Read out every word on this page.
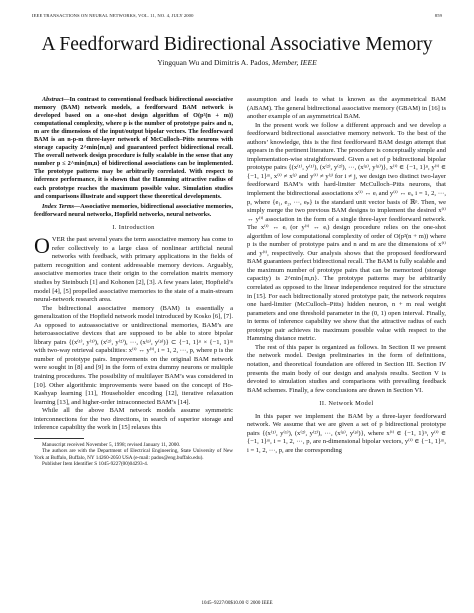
IEEE TRANSACTIONS ON NEURAL NETWORKS, VOL. 11, NO. 4, JULY 2000	859
A Feedforward Bidirectional Associative Memory
Yingquan Wu and Dimitris A. Pados, Member, IEEE

Abstract—In contrast to conventional feedback bidirectional associative memory (BAM) network models, a feedforward BAM network is developed based on a one-shot design algorithm of O(p²(n + m)) computational complexity, where p is the number of prototype pairs and n, m are the dimensions of the input/output bipolar vectors. The feedforward BAM is an n-p-m three-layer network of McCulloch–Pitts neurons with storage capacity 2^min{m,n} and guaranteed perfect bidirectional recall. The overall network design procedure is fully scalable in the sense that any number p ≤ 2^min{m,n} of bidirectional associations can be implemented. The prototype patterns may be arbitrarily correlated. With respect to inference performance, it is shown that the Hamming attractive radius of each prototype reaches the maximum possible value. Simulation studies and comparisons illustrate and support these theoretical developments.

Index Terms—Associative memories, bidirectional associative memories, feedforward neural networks, Hopfield networks, neural networks.

I. Introduction

OVER the past several years the term associative memory has come to refer collectively to a large class of nonlinear artificial neural networks with feedback, with primary applications in the fields of pattern recognition and content addressable memory devices. Arguably, associative memories trace their origin to the correlation matrix memory studies by Steinbuch [1] and Kohonen [2], [3]. A few years later, Hopfield’s model [4], [5] propelled associative memories to the state of a main-stream neural-network research area.

The bidirectional associative memory (BAM) is essentially a generalization of the Hopfield network model introduced by Kosko [6], [7]. As opposed to autoassociative or unidirectional memories, BAM’s are heteroassociative devices that are supposed to be able to store bipolar library pairs {(x⁽¹⁾, y⁽¹⁾), (x⁽²⁾, y⁽²⁾), ···, (x⁽ᵖ⁾, y⁽ᵖ⁾)} ⊂ {−1, 1}ⁿ × {−1, 1}ᵐ with two-way retrieval capabilities: x⁽ⁱ⁾ ↔ y⁽ⁱ⁾, i = 1, 2, ···, p, where p is the number of prototype pairs. Improvements on the original BAM network were sought in [8] and [9] in the form of extra dummy neurons or multiple training procedures. The possibility of multilayer BAM’s was considered in [10]. Other algorithmic improvements were based on the concept of Ho-Kashyap learning [11], Householder encoding [12], iterative relaxation learning [13], and higher-order intraconnected BAM’s [14].

While all the above BAM network models assume symmetric interconnections for the two directions, in search of superior storage and inference capability the work in [15] relaxes this

Manuscript received November 5, 1998; revised January 11, 2000.

The authors are with the Department of Electrical Engineering, State University of New York at Buffalo, Buffalo, NY 14260-2050 USA (e-mail: pados@eng.buffalo.edu).

Publisher Item Identifier S 1045-9227(00)04293-4.

assumption and leads to what is known as the asymmetrical BAM (ABAM). The general bidirectional associative memory (GBAM) in [16] is another example of an asymmetrical BAM.

In the present work we follow a different approach and we develop a feedforward bidirectional associative memory network. To the best of the authors’ knowledge, this is the first feedforward BAM design attempt that appears in the pertinent literature. The procedure is conceptually simple and implementation-wise straightforward. Given a set of p bidirectional bipolar prototype pairs {(x⁽¹⁾, y⁽¹⁾), (x⁽²⁾, y⁽²⁾), ···, (x⁽ᵖ⁾, y⁽ᵖ⁾)}, x⁽ⁱ⁾ ∈ {−1, 1}ⁿ, y⁽ⁱ⁾ ∈ {−1, 1}ᵐ, x⁽ⁱ⁾ ≠ x⁽ʲ⁾ and y⁽ⁱ⁾ ≠ y⁽ʲ⁾ for i ≠ j, we design two distinct two-layer feedforward BAM’s with hard-limiter McCulloch–Pitts neurons, that implement the bidirectional associations x⁽ⁱ⁾ ↔ eᵢ and y⁽ⁱ⁾ ↔ eᵢ, i = 1, 2, ···, p, where {e₁, e₂, ···, eₚ} is the standard unit vector basis of ℝᵖ. Then, we simply merge the two previous BAM designs to implement the desired x⁽ⁱ⁾ ↔ y⁽ⁱ⁾ association in the form of a single three-layer feedforward network. The x⁽ⁱ⁾ ↔ eᵢ (or y⁽ⁱ⁾ ↔ eᵢ) design procedure relies on the one-shot algorithm of low computational complexity of order of O(p²(n + m)) where p is the number of prototype pairs and n and m are the dimensions of x⁽ⁱ⁾ and y⁽ⁱ⁾, respectively. Our analysis shows that the proposed feedforward BAM guarantees perfect bidirectional recall. The BAM is fully scalable and the maximum number of prototype pairs that can be memorized (storage capacity) is 2^min{m,n}. The prototype patterns may be arbitrarily correlated as opposed to the linear independence required for the structure in [15]. For each bidirectionally stored prototype pair, the network requires one hard-limiter (McCulloch–Pitts) hidden neuron, n + m real weight parameters and one threshold parameter in the (0, 1) open interval. Finally, in terms of inference capability we show that the attractive radius of each prototype pair achieves its maximum possible value with respect to the Hamming distance metric.

The rest of this paper is organized as follows. In Section II we present the network model. Design preliminaries in the form of definitions, notation, and theoretical foundation are offered in Section III. Section IV presents the main body of our design and analysis results. Section V is devoted to simulation studies and comparisons with prevailing feedback BAM schemes. Finally, a few conclusions are drawn in Section VI.

II. Network Model

In this paper we implement the BAM by a three-layer feedforward network. We assume that we are given a set of p bidirectional prototype pairs {(x⁽¹⁾, y⁽¹⁾), (x⁽²⁾, y⁽²⁾), ···, (x⁽ᵖ⁾, y⁽ᵖ⁾)}, where x⁽ⁱ⁾ ∈ {−1, 1}ⁿ, y⁽ⁱ⁾ ∈ {−1, 1}ᵐ, i = 1, 2, ···, p, are n-dimensional bipolar vectors, y⁽ⁱ⁾ ∈ {−1, 1}ᵐ, i = 1, 2, ···, p, are the corresponding

1045–9227/00$10.00 © 2000 IEEE
